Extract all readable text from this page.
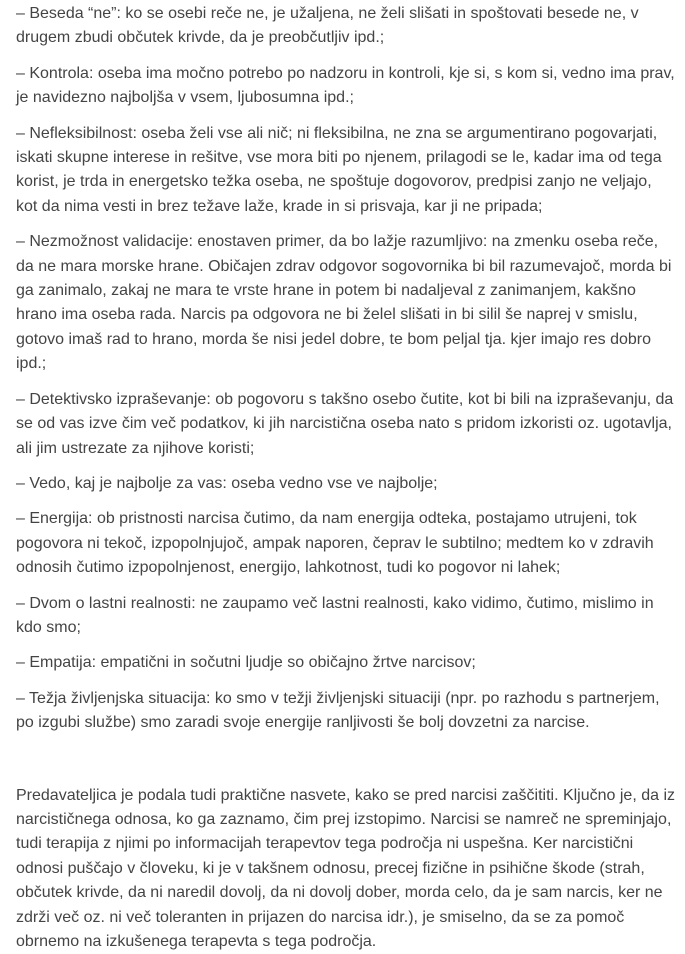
– Beseda “ne”: ko se osebi reče ne, je užaljena, ne želi slišati in spoštovati besede ne, v drugem zbudi občutek krivde, da je preobčutljiv ipd.;

– Kontrola: oseba ima močno potrebo po nadzoru in kontroli, kje si, s kom si, vedno ima prav, je navidezno najboljša v vsem, ljubosumna ipd.;

– Nefleksibilnost: oseba želi vse ali nič; ni fleksibilna, ne zna se argumentirano pogovarjati, iskati skupne interese in rešitve, vse mora biti po njenem, prilagodi se le, kadar ima od tega korist, je trda in energetsko težka oseba, ne spoštuje dogovorov, predpisi zanjo ne veljajo, kot da nima vesti in brez težave laže, krade in si prisvaja, kar ji ne pripada;

– Nezmožnost validacije: enostaven primer, da bo lažje razumljivo: na zmenku oseba reče, da ne mara morske hrane. Običajen zdrav odgovor sogovornika bi bil razumevajoč, morda bi ga zanimalo, zakaj ne mara te vrste hrane in potem bi nadaljeval z zanimanjem, kakšno hrano ima oseba rada. Narcis pa odgovora ne bi želel slišati in bi silil še naprej v smislu, gotovo imaš rad to hrano, morda še nisi jedel dobre, te bom peljal tja. kjer imajo res dobro ipd.;

– Detektivsko izpraševanje: ob pogovoru s takšno osebo čutite, kot bi bili na izpraševanju, da se od vas izve čim več podatkov, ki jih narcistična oseba nato s pridom izkoristi oz. ugotavlja, ali jim ustrezate za njihove koristi;

– Vedo, kaj je najbolje za vas: oseba vedno vse ve najbolje;

– Energija: ob pristnosti narcisa čutimo, da nam energija odteka, postajamo utrujeni, tok pogovora ni tekoč, izpopolnjujoč, ampak naporen, čeprav le subtilno; medtem ko v zdravih odnosih čutimo izpopolnjenost, energijo, lahkotnost, tudi ko pogovor ni lahek;

– Dvom o lastni realnosti: ne zaupamo več lastni realnosti, kako vidimo, čutimo, mislimo in kdo smo;

– Empatija: empatični in sočutni ljudje so običajno žrtve narcisov;

– Težja življenjska situacija: ko smo v težji življenjski situaciji (npr. po razhodu s partnerjem, po izgubi službe) smo zaradi svoje energije ranljivosti še bolj dovzetni za narcise.

Predavateljica je podala tudi praktične nasvete, kako se pred narcisi zaščititi. Ključno je, da iz narcističnega odnosa, ko ga zaznamo, čim prej izstopimo. Narcisi se namreč ne spreminjajo, tudi terapija z njimi po informacijah terapevtov tega področja ni uspešna. Ker narcistični odnosi puščajo v človeku, ki je v takšnem odnosu, precej fizične in psihične škode (strah, občutek krivde, da ni naredil dovolj, da ni dovolj dober, morda celo, da je sam narcis, ker ne zdrži več oz. ni več toleranten in prijazen do narcisa idr.), je smiselno, da se za pomoč obrnemo na izkušenega terapevta s tega področja.
